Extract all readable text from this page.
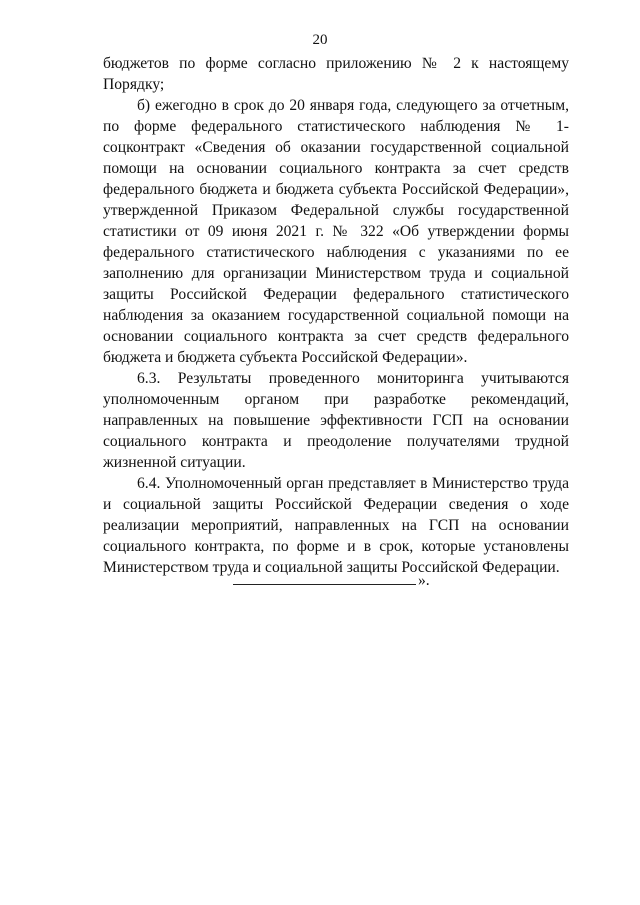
20

бюджетов по форме согласно приложению № 2 к настоящему Порядку;

б) ежегодно в срок до 20 января года, следующего за отчетным, по форме федерального статистического наблюдения № 1-соцконтракт «Сведения об оказании государственной социальной помощи на основании социального контракта за счет средств федерального бюджета и бюджета субъекта Российской Федерации», утвержденной Приказом Федеральной службы государственной статистики от 09 июня 2021 г. № 322 «Об утверждении формы федерального статистического наблюдения с указаниями по ее заполнению для организации Министерством труда и социальной защиты Российской Федерации федерального статистического наблюдения за оказанием государственной социальной помощи на основании социального контракта за счет средств федерального бюджета и бюджета субъекта Российской Федерации».

6.3. Результаты проведенного мониторинга учитываются уполномоченным органом при разработке рекомендаций, направленных на повышение эффективности ГСП на основании социального контракта и преодоление получателями трудной жизненной ситуации.

6.4. Уполномоченный орган представляет в Министерство труда и социальной защиты Российской Федерации сведения о ходе реализации мероприятий, направленных на ГСП на основании социального контракта, по форме и в срок, которые установлены Министерством труда и социальной защиты Российской Федерации.

».
